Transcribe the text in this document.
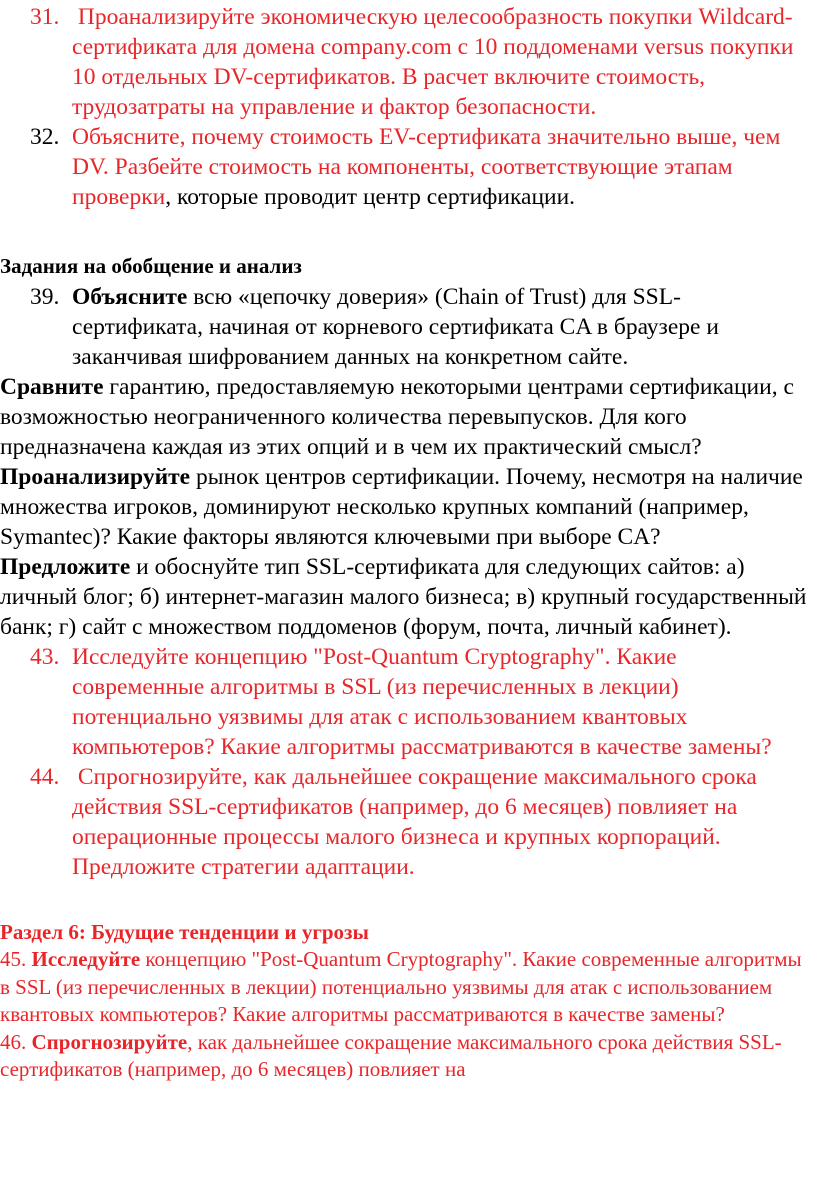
31. Проанализируйте экономическую целесообразность покупки Wildcard-сертификата для домена company.com с 10 поддоменами versus покупки 10 отдельных DV-сертификатов. В расчет включите стоимость, трудозатраты на управление и фактор безопасности.
32. Объясните, почему стоимость EV-сертификата значительно выше, чем DV. Разбейте стоимость на компоненты, соответствующие этапам проверки, которые проводит центр сертификации.
Задания на обобщение и анализ
39. Объясните всю «цепочку доверия» (Chain of Trust) для SSL-сертификата, начиная от корневого сертификата CA в браузере и заканчивая шифрованием данных на конкретном сайте.

Сравните гарантию, предоставляемую некоторыми центрами сертификации, с возможностью неограниченного количества перевыпусков. Для кого предназначена каждая из этих опций и в чем их практический смысл?

Проанализируйте рынок центров сертификации. Почему, несмотря на наличие множества игроков, доминируют несколько крупных компаний (например, Symantec)? Какие факторы являются ключевыми при выборе CA?

Предложите и обоснуйте тип SSL-сертификата для следующих сайтов: а) личный блог; б) интернет-магазин малого бизнеса; в) крупный государственный банк; г) сайт с множеством поддоменов (форум, почта, личный кабинет).

43. Исследуйте концепцию "Post-Quantum Cryptography". Какие современные алгоритмы в SSL (из перечисленных в лекции) потенциально уязвимы для атак с использованием квантовых компьютеров? Какие алгоритмы рассматриваются в качестве замены?
44. Спрогнозируйте, как дальнейшее сокращение максимального срока действия SSL-сертификатов (например, до 6 месяцев) повлияет на операционные процессы малого бизнеса и крупных корпораций. Предложите стратегии адаптации.
Раздел 6: Будущие тенденции и угрозы

45. Исследуйте концепцию "Post-Quantum Cryptography". Какие современные алгоритмы в SSL (из перечисленных в лекции) потенциально уязвимы для атак с использованием квантовых компьютеров? Какие алгоритмы рассматриваются в качестве замены?

46. Спрогнозируйте, как дальнейшее сокращение максимального срока действия SSL-сертификатов (например, до 6 месяцев) повлияет на
